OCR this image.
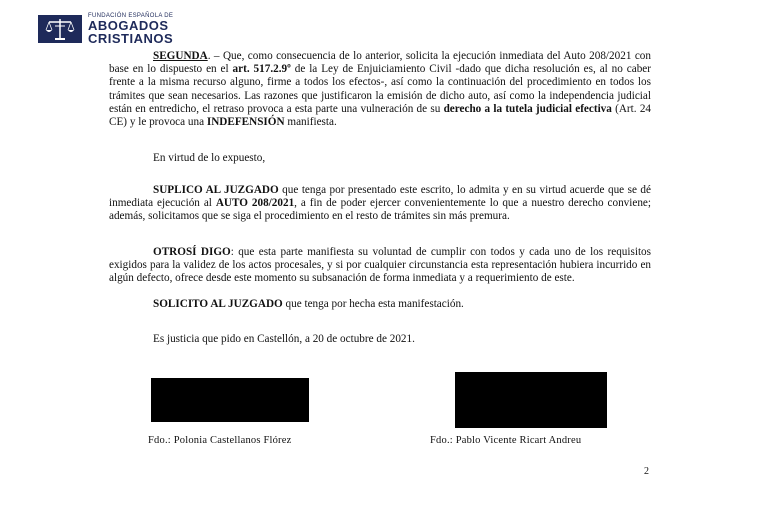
FUNDACIÓN ESPAÑOLA DE
ABOGADOS
CRISTIANOS
SEGUNDA. – Que, como consecuencia de lo anterior, solicita la ejecución inmediata del Auto 208/2021 con base en lo dispuesto en el art. 517.2.9º de la Ley de Enjuiciamiento Civil -dado que dicha resolución es, al no caber frente a la misma recurso alguno, firme a todos los efectos-, así como la continuación del procedimiento en todos los trámites que sean necesarios. Las razones que justificaron la emisión de dicho auto, así como la independencia judicial están en entredicho, el retraso provoca a esta parte una vulneración de su derecho a la tutela judicial efectiva (Art. 24 CE) y le provoca una INDEFENSIÓN manifiesta.
En virtud de lo expuesto,
SUPLICO AL JUZGADO que tenga por presentado este escrito, lo admita y en su virtud acuerde que se dé inmediata ejecución al AUTO 208/2021, a fin de poder ejercer convenientemente lo que a nuestro derecho conviene; además, solicitamos que se siga el procedimiento en el resto de trámites sin más premura.
OTROSÍ DIGO: que esta parte manifiesta su voluntad de cumplir con todos y cada uno de los requisitos exigidos para la validez de los actos procesales, y si por cualquier circunstancia esta representación hubiera incurrido en algún defecto, ofrece desde este momento su subsanación de forma inmediata y a requerimiento de este.
SOLICITO AL JUZGADO que tenga por hecha esta manifestación.
Es justicia que pido en Castellón, a 20 de octubre de 2021.
Fdo.: Polonia Castellanos Flórez	Fdo.: Pablo Vicente Ricart Andreu
2
